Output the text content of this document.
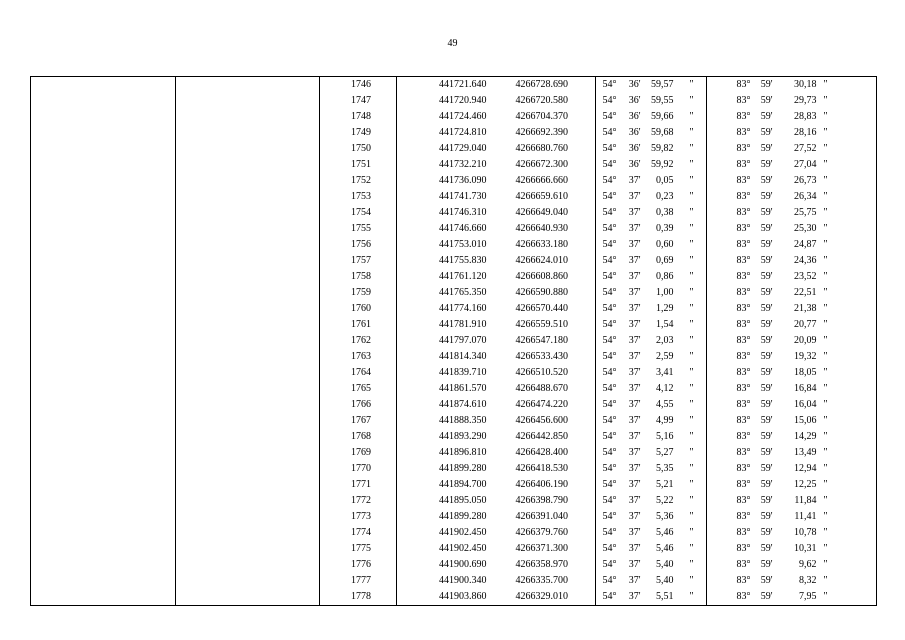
49
		1746	441721.640	4266728.690	54°	36'	59,57	"	83°	59'	30,18	"
		1747	441720.940	4266720.580	54°	36'	59,55	"	83°	59'	29,73	"
		1748	441724.460	4266704.370	54°	36'	59,66	"	83°	59'	28,83	"
		1749	441724.810	4266692.390	54°	36'	59,68	"	83°	59'	28,16	"
		1750	441729.040	4266680.760	54°	36'	59,82	"	83°	59'	27,52	"
		1751	441732.210	4266672.300	54°	36'	59,92	"	83°	59'	27,04	"
		1752	441736.090	4266666.660	54°	37'	0,05	"	83°	59'	26,73	"
		1753	441741.730	4266659.610	54°	37'	0,23	"	83°	59'	26,34	"
		1754	441746.310	4266649.040	54°	37'	0,38	"	83°	59'	25,75	"
		1755	441746.660	4266640.930	54°	37'	0,39	"	83°	59'	25,30	"
		1756	441753.010	4266633.180	54°	37'	0,60	"	83°	59'	24,87	"
		1757	441755.830	4266624.010	54°	37'	0,69	"	83°	59'	24,36	"
		1758	441761.120	4266608.860	54°	37'	0,86	"	83°	59'	23,52	"
		1759	441765.350	4266590.880	54°	37'	1,00	"	83°	59'	22,51	"
		1760	441774.160	4266570.440	54°	37'	1,29	"	83°	59'	21,38	"
		1761	441781.910	4266559.510	54°	37'	1,54	"	83°	59'	20,77	"
		1762	441797.070	4266547.180	54°	37'	2,03	"	83°	59'	20,09	"
		1763	441814.340	4266533.430	54°	37'	2,59	"	83°	59'	19,32	"
		1764	441839.710	4266510.520	54°	37'	3,41	"	83°	59'	18,05	"
		1765	441861.570	4266488.670	54°	37'	4,12	"	83°	59'	16,84	"
		1766	441874.610	4266474.220	54°	37'	4,55	"	83°	59'	16,04	"
		1767	441888.350	4266456.600	54°	37'	4,99	"	83°	59'	15,06	"
		1768	441893.290	4266442.850	54°	37'	5,16	"	83°	59'	14,29	"
		1769	441896.810	4266428.400	54°	37'	5,27	"	83°	59'	13,49	"
		1770	441899.280	4266418.530	54°	37'	5,35	"	83°	59'	12,94	"
		1771	441894.700	4266406.190	54°	37'	5,21	"	83°	59'	12,25	"
		1772	441895.050	4266398.790	54°	37'	5,22	"	83°	59'	11,84	"
		1773	441899.280	4266391.040	54°	37'	5,36	"	83°	59'	11,41	"
		1774	441902.450	4266379.760	54°	37'	5,46	"	83°	59'	10,78	"
		1775	441902.450	4266371.300	54°	37'	5,46	"	83°	59'	10,31	"
		1776	441900.690	4266358.970	54°	37'	5,40	"	83°	59'	9,62	"
		1777	441900.340	4266335.700	54°	37'	5,40	"	83°	59'	8,32	"
		1778	441903.860	4266329.010	54°	37'	5,51	"	83°	59'	7,95	"
